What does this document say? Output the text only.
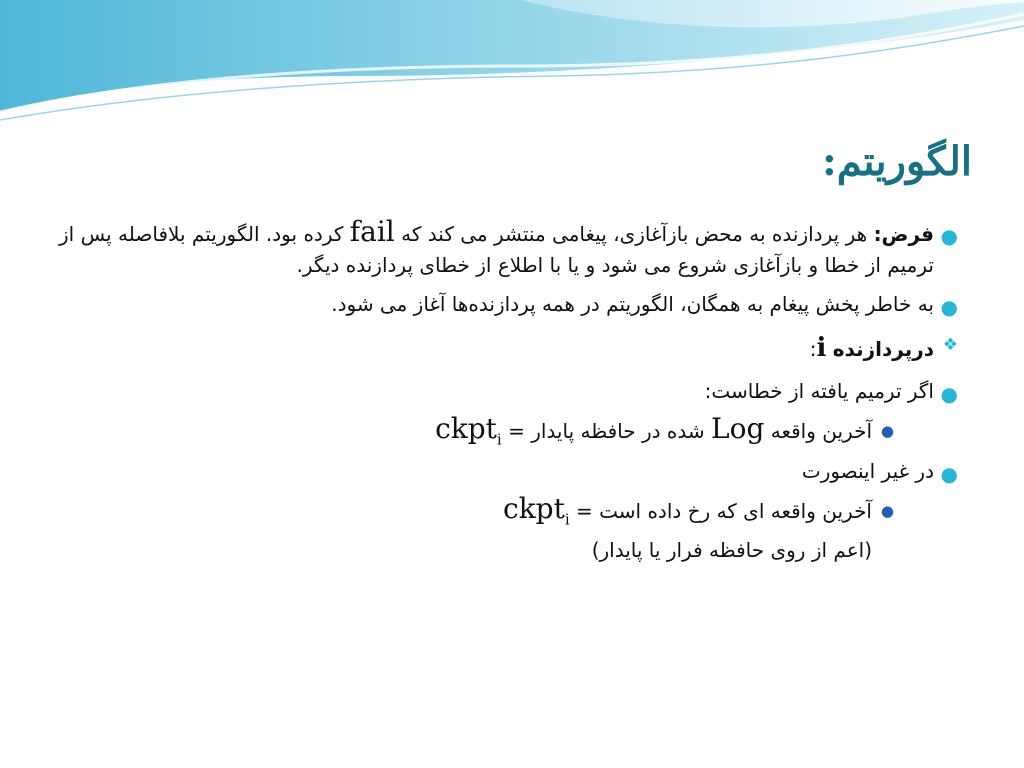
الگوریتم:

●
فرض: هر پردازنده به محض بازآغازی، پیغامی منتشر می کند که fail کرده بود. الگوریتم بلافاصله پس از ترمیم از خطا و بازآغازی شروع می شود و یا با اطلاع از خطای پردازنده دیگر.

●
به خاطر پخش پیغام به همگان، الگوریتم در همه پردازنده‌ها آغاز می شود.

❖
درپردازنده i:

●
اگر ترمیم یافته از خطاست:

●
آخرین واقعه Log شده در حافظه پایدار = ckpt$_i$

●
در غیر اینصورت

●
آخرین واقعه ای که رخ داده است = ckpt$_i$

(اعم از روی حافظه فرار یا پایدار)
